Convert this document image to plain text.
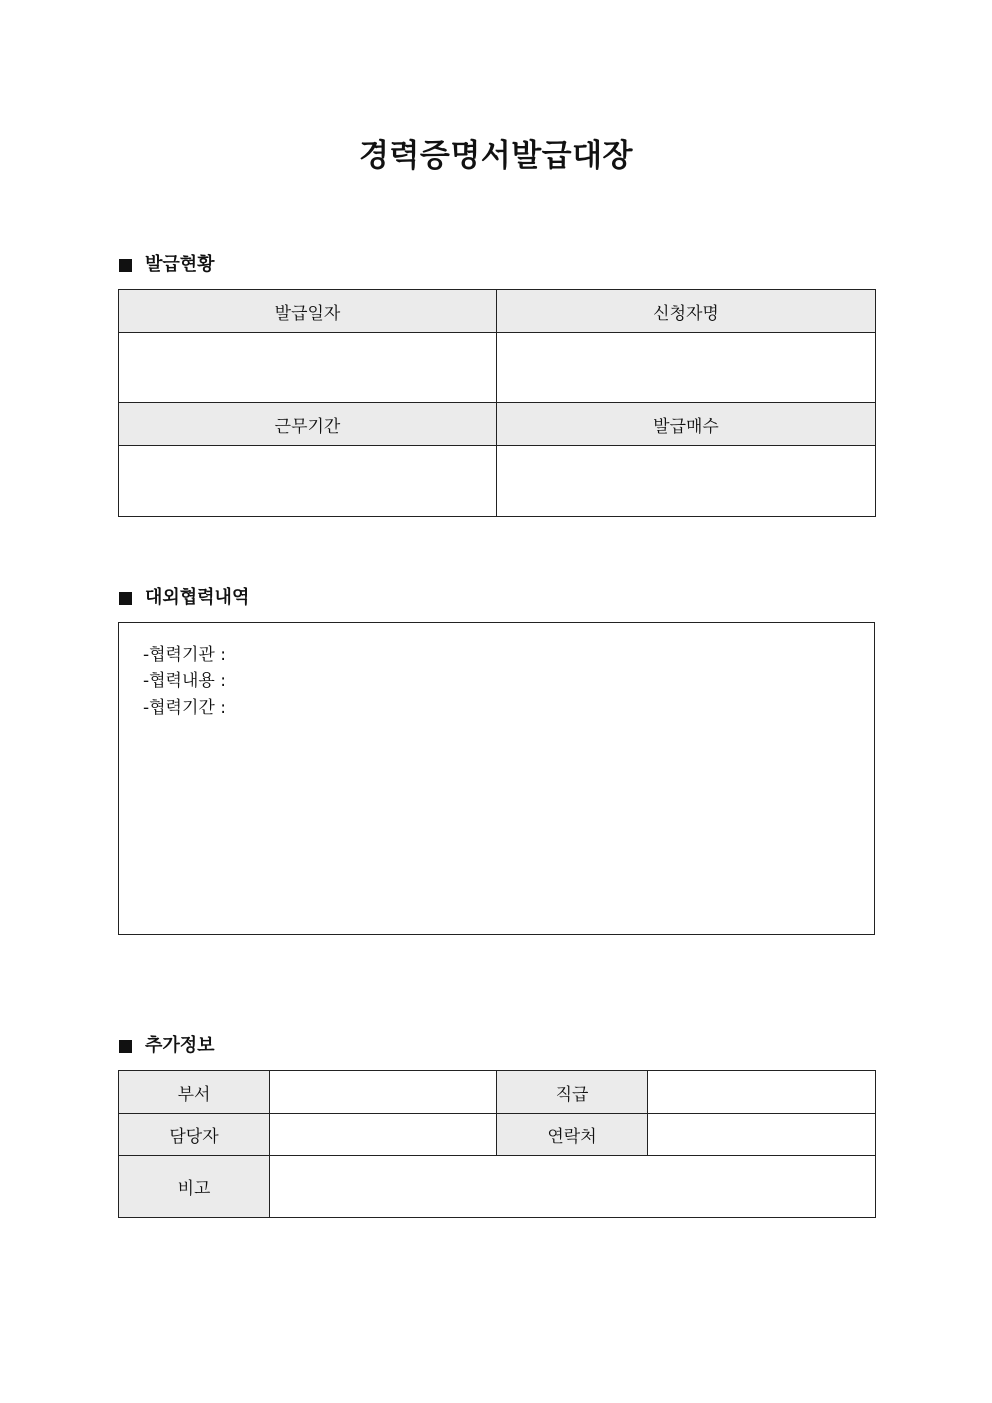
경력증명서발급대장
발급현황
발급일자	신청자명

근무기간	발급매수

대외협력내역
-협력기관 :
-협력내용 :
-협력기간 :
추가정보
부서		직급	
담당자		연락처	
비고			
